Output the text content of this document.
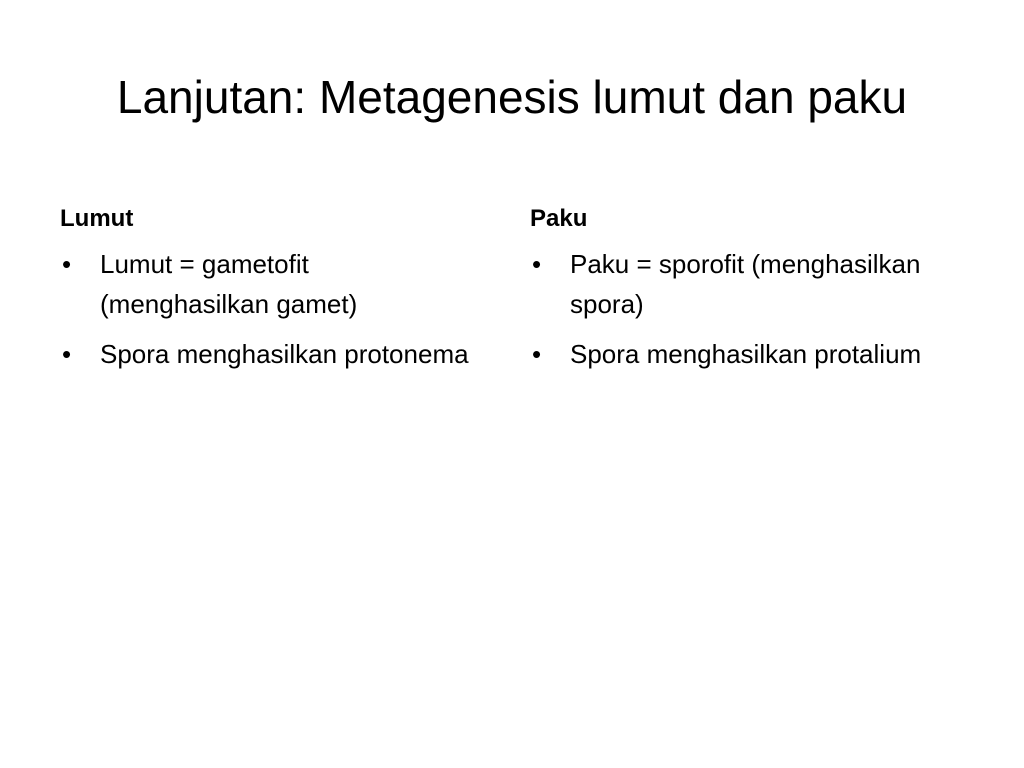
Lanjutan: Metagenesis lumut dan paku
Lumut
• Lumut = gametofit (menghasilkan gamet)
• Spora menghasilkan protonema
Paku
• Paku = sporofit (menghasilkan spora)
• Spora menghasilkan protalium
